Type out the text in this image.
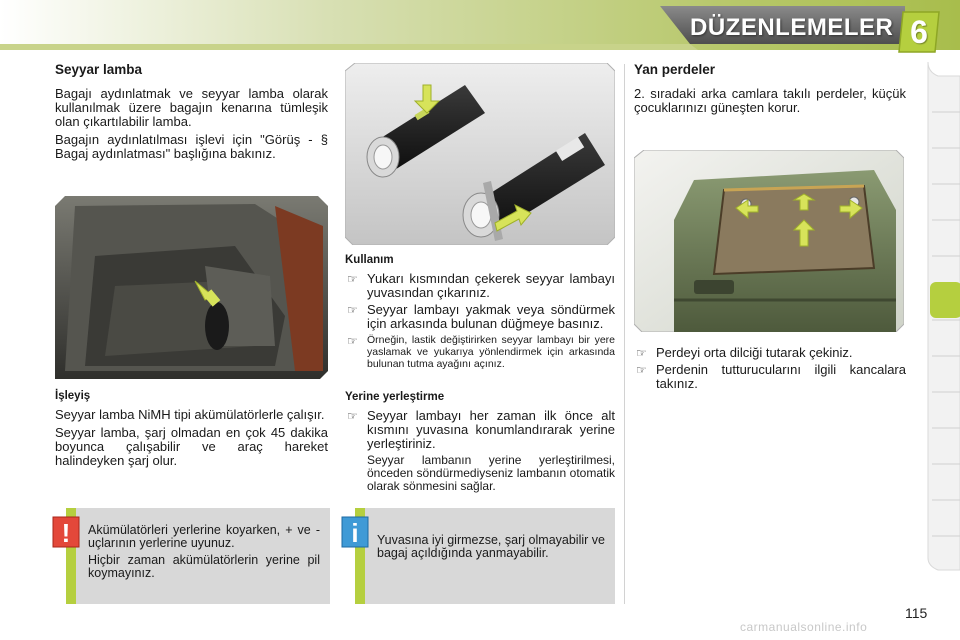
DÜZENLEMELER 6
Seyyar lamba

Bagajı aydınlatmak ve seyyar lamba olarak kullanılmak üzere bagajın kenarına tümleşik olan çıkartılabilir lamba.

Bagajın aydınlatılması işlevi için "Görüş - § Bagaj aydınlatması" başlığına bakınız.

İşleyiş

Seyyar lamba NiMH tipi akümülatörlerle çalışır.

Seyyar lamba, şarj olmadan en çok 45 dakika boyunca çalışabilir ve araç hareket halindeyken şarj olur.

Akümülatörleri yerlerine koyarken, + ve - uçlarının yerlerine uyunuz.

Hiçbir zaman akümülatörlerin yerine pil koymayınız.

!
Kullanım
☞ Yukarı kısmından çekerek seyyar lambayı yuvasından çıkarınız.
☞ Seyyar lambayı yakmak veya söndürmek için arkasında bulunan düğmeye basınız.
☞ Örneğin, lastik değiştirirken seyyar lambayı bir yere yaslamak ve yukarıya yönlendirmek için arkasında bulunan tutma ayağını açınız.
Yerine yerleştirme
☞ Seyyar lambayı her zaman ilk önce alt kısmını yuvasına konumlandırarak yerine yerleştiriniz.

Seyyar lambanın yerine yerleştirilmesi, önceden söndürmediyseniz lambanın otomatik olarak sönmesini sağlar.

Yuvasına iyi girmezse, şarj olmayabilir ve bagaj açıldığında yanmayabilir.

i
Yan perdeler

2. sıradaki arka camlara takılı perdeler, küçük çocuklarınızı güneşten korur.

☞ Perdeyi orta dilciği tutarak çekiniz.
☞ Perdenin tutturucularını ilgili kancalara takınız.
115
carmanualsonline.info
